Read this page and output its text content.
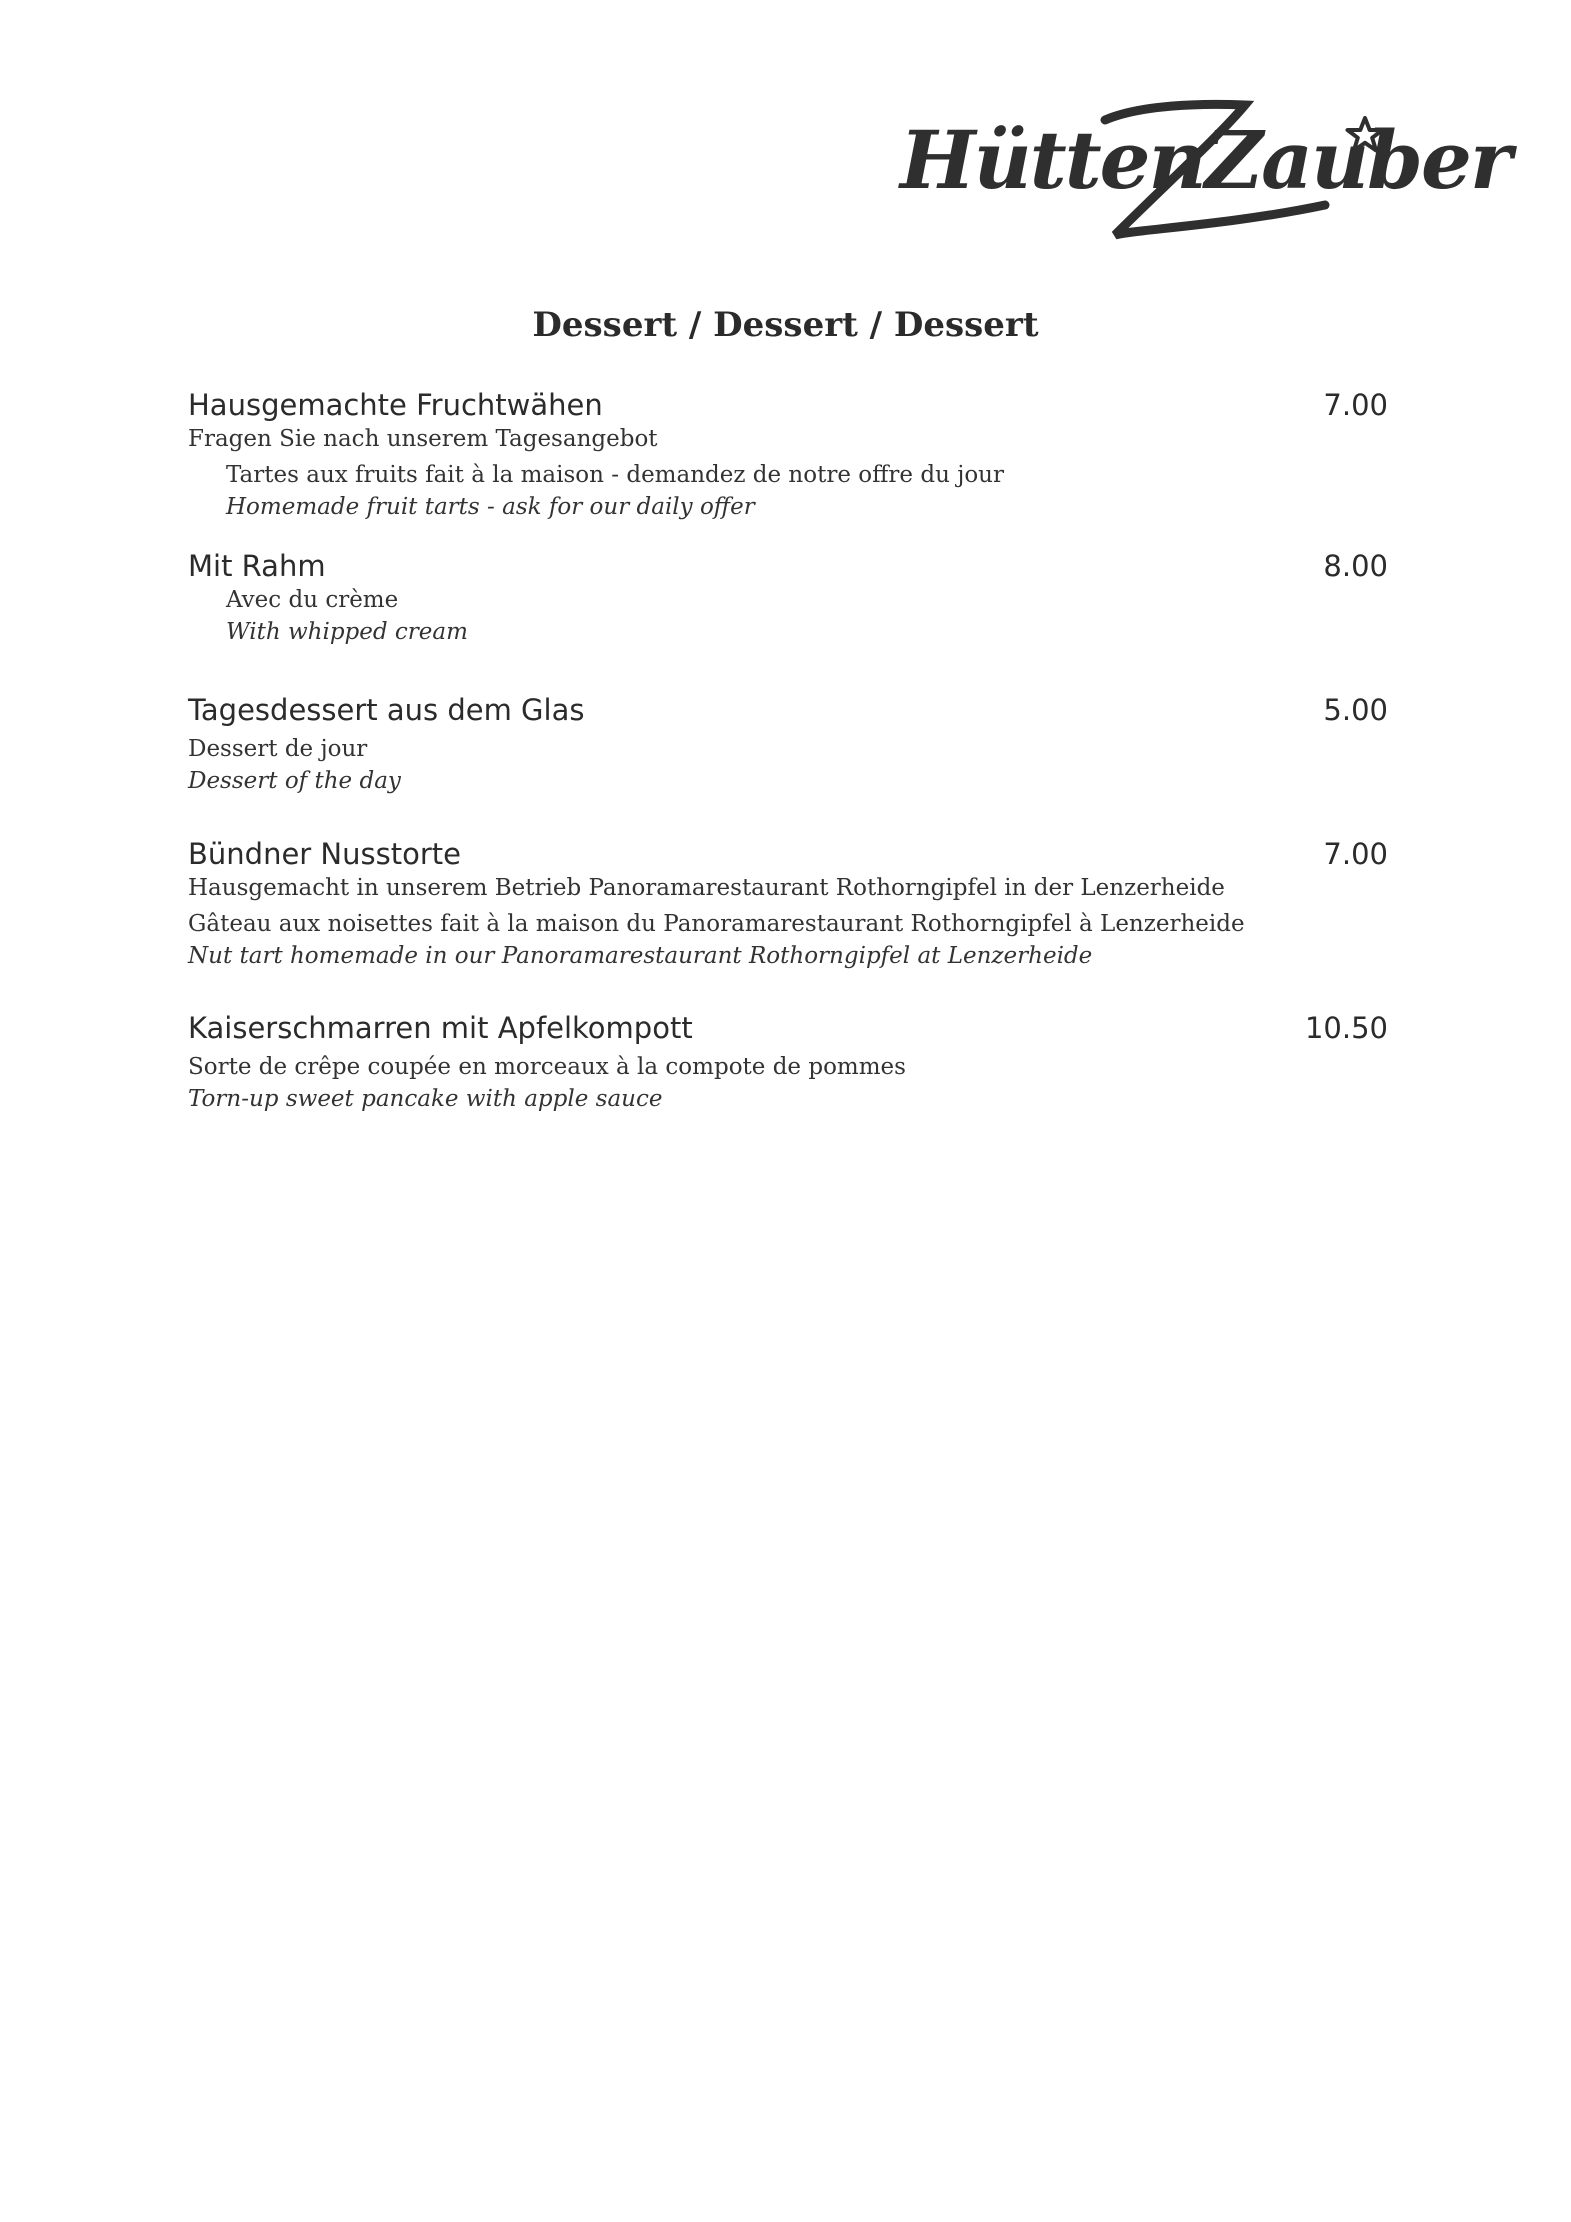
HüttenZauber
Dessert / Dessert / Dessert
Hausgemachte Fruchtwähen	7.00
Fragen Sie nach unserem Tagesangebot
Tartes aux fruits fait à la maison - demandez de notre offre du jour
Homemade fruit tarts - ask for our daily offer
Mit Rahm	8.00
Avec du crème
With whipped cream
Tagesdessert aus dem Glas	5.00
Dessert de jour
Dessert of the day
Bündner Nusstorte	7.00
Hausgemacht in unserem Betrieb Panoramarestaurant Rothorngipfel in der Lenzerheide
Gâteau aux noisettes fait à la maison du Panoramarestaurant Rothorngipfel à Lenzerheide
Nut tart homemade in our Panoramarestaurant Rothorngipfel at Lenzerheide
Kaiserschmarren mit Apfelkompott	10.50
Sorte de crêpe coupée en morceaux à la compote de pommes
Torn-up sweet pancake with apple sauce
